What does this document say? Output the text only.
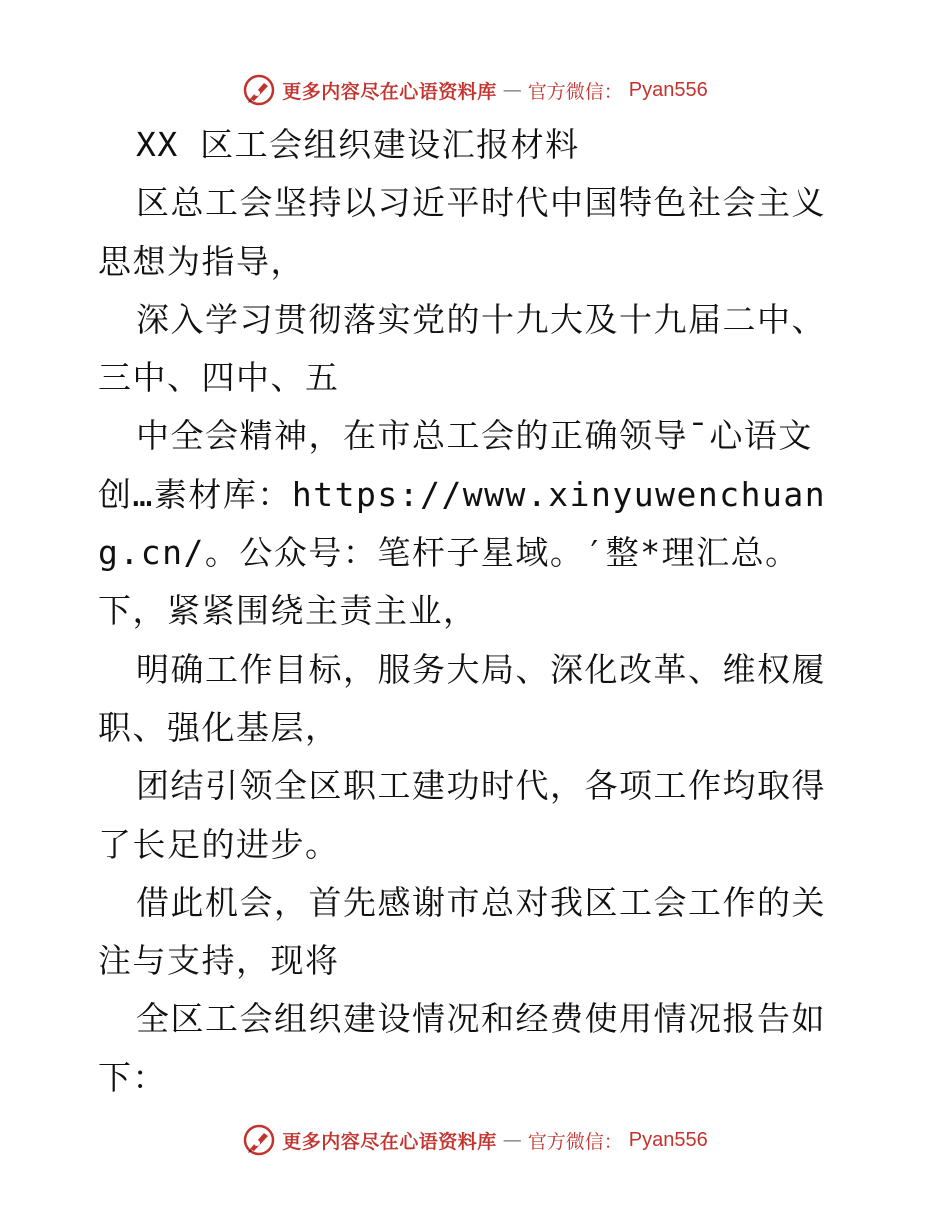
更多内容尽在心语资料库 — 官方微信： Pyan556

XX 区工会组织建设汇报材料

区总工会坚持以习近平时代中国特色社会主义思想为指导，

深入学习贯彻落实党的十九大及十九届二中、三中、四中、五

中全会精神，在市总工会的正确领导¯心语文创…素材库：https://www.xinyuwenchuang.cn/。公众号：笔杆子星域。′整*理汇总。下，紧紧围绕主责主业，

明确工作目标，服务大局、深化改革、维权履职、强化基层，

团结引领全区职工建功时代，各项工作均取得了长足的进步。

借此机会，首先感谢市总对我区工会工作的关注与支持，现将

全区工会组织建设情况和经费使用情况报告如下：

更多内容尽在心语资料库 — 官方微信： Pyan556
